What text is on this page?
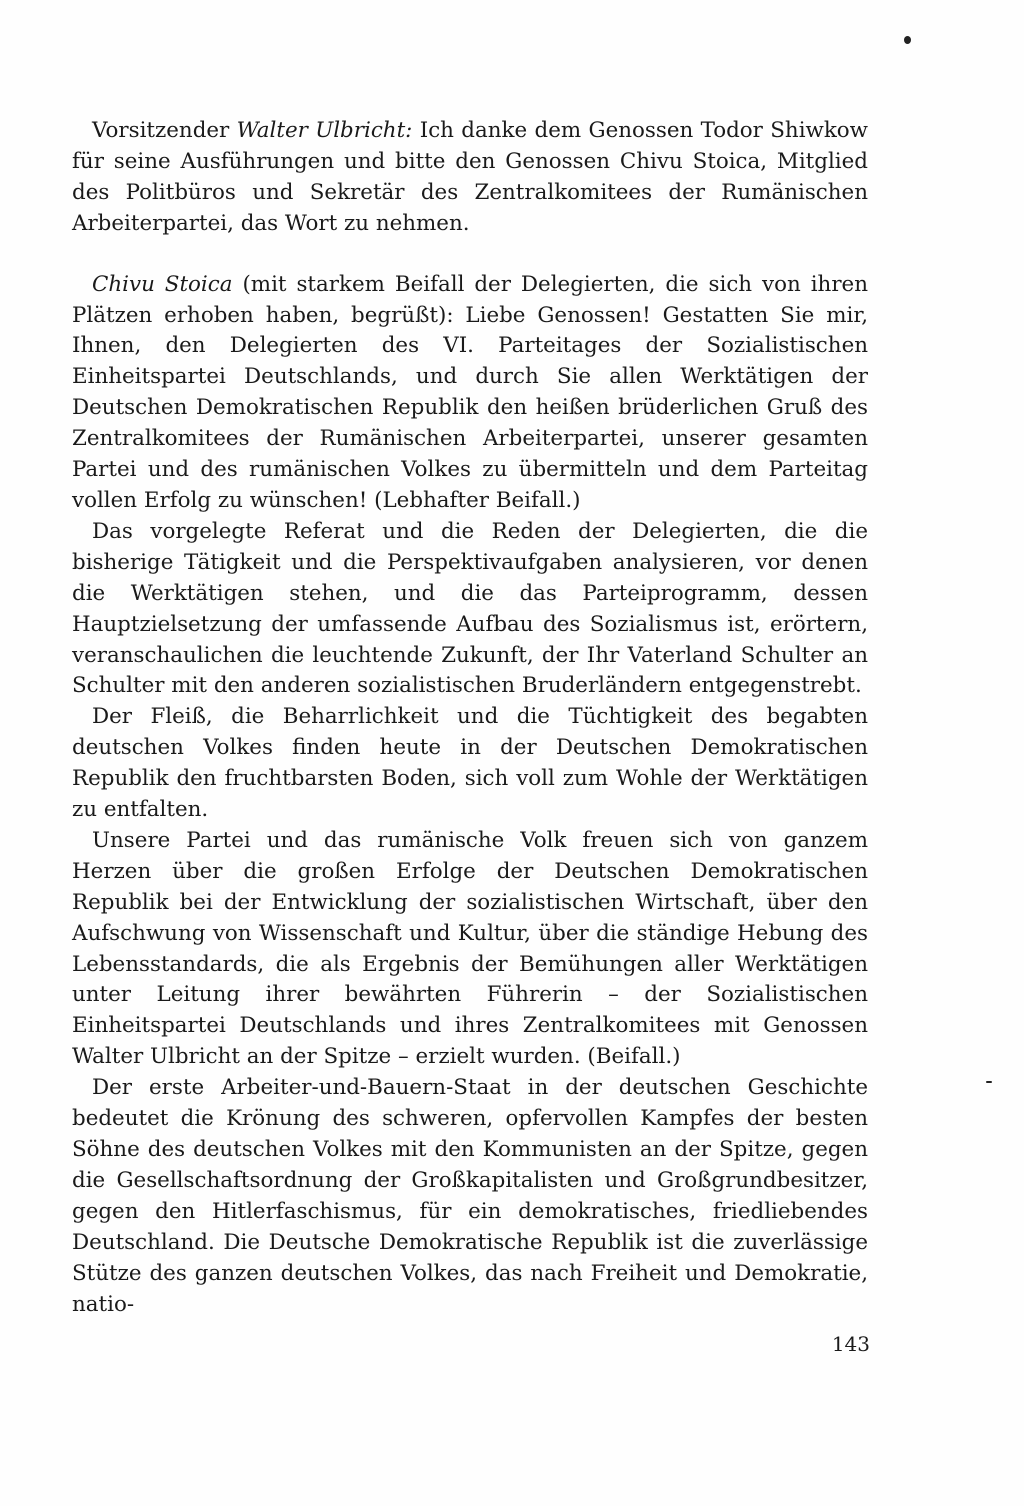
Vorsitzender Walter Ulbricht: Ich danke dem Genossen Todor Shiwkow für seine Ausführungen und bitte den Genossen Chivu Stoica, Mitglied des Politbüros und Sekretär des Zentralkomitees der Rumänischen Arbeiterpartei, das Wort zu nehmen.

Chivu Stoica (mit starkem Beifall der Delegierten, die sich von ihren Plätzen erhoben haben, begrüßt): Liebe Genossen! Gestatten Sie mir, Ihnen, den Delegierten des VI. Parteitages der Sozialistischen Einheitspartei Deutschlands, und durch Sie allen Werktätigen der Deutschen Demokratischen Republik den heißen brüderlichen Gruß des Zentralkomitees der Rumänischen Arbeiterpartei, unserer gesamten Partei und des rumänischen Volkes zu übermitteln und dem Parteitag vollen Erfolg zu wünschen! (Lebhafter Beifall.)

Das vorgelegte Referat und die Reden der Delegierten, die die bisherige Tätigkeit und die Perspektivaufgaben analysieren, vor denen die Werktätigen stehen, und die das Parteiprogramm, dessen Hauptzielsetzung der umfassende Aufbau des Sozialismus ist, erörtern, veranschaulichen die leuchtende Zukunft, der Ihr Vaterland Schulter an Schulter mit den anderen sozialistischen Bruderländern entgegenstrebt.

Der Fleiß, die Beharrlichkeit und die Tüchtigkeit des begabten deutschen Volkes finden heute in der Deutschen Demokratischen Republik den fruchtbarsten Boden, sich voll zum Wohle der Werktätigen zu entfalten.

Unsere Partei und das rumänische Volk freuen sich von ganzem Herzen über die großen Erfolge der Deutschen Demokratischen Republik bei der Entwicklung der sozialistischen Wirtschaft, über den Aufschwung von Wissenschaft und Kultur, über die ständige Hebung des Lebensstandards, die als Ergebnis der Bemühungen aller Werktätigen unter Leitung ihrer bewährten Führerin – der Sozialistischen Einheitspartei Deutschlands und ihres Zentralkomitees mit Genossen Walter Ulbricht an der Spitze – erzielt wurden. (Beifall.)

Der erste Arbeiter-und-Bauern-Staat in der deutschen Geschichte bedeutet die Krönung des schweren, opfervollen Kampfes der besten Söhne des deutschen Volkes mit den Kommunisten an der Spitze, gegen die Gesellschaftsordnung der Großkapitalisten und Großgrundbesitzer, gegen den Hitlerfaschismus, für ein demokratisches, friedliebendes Deutschland. Die Deutsche Demokratische Republik ist die zuverlässige Stütze des ganzen deutschen Volkes, das nach Freiheit und Demokratie, natio-

143
